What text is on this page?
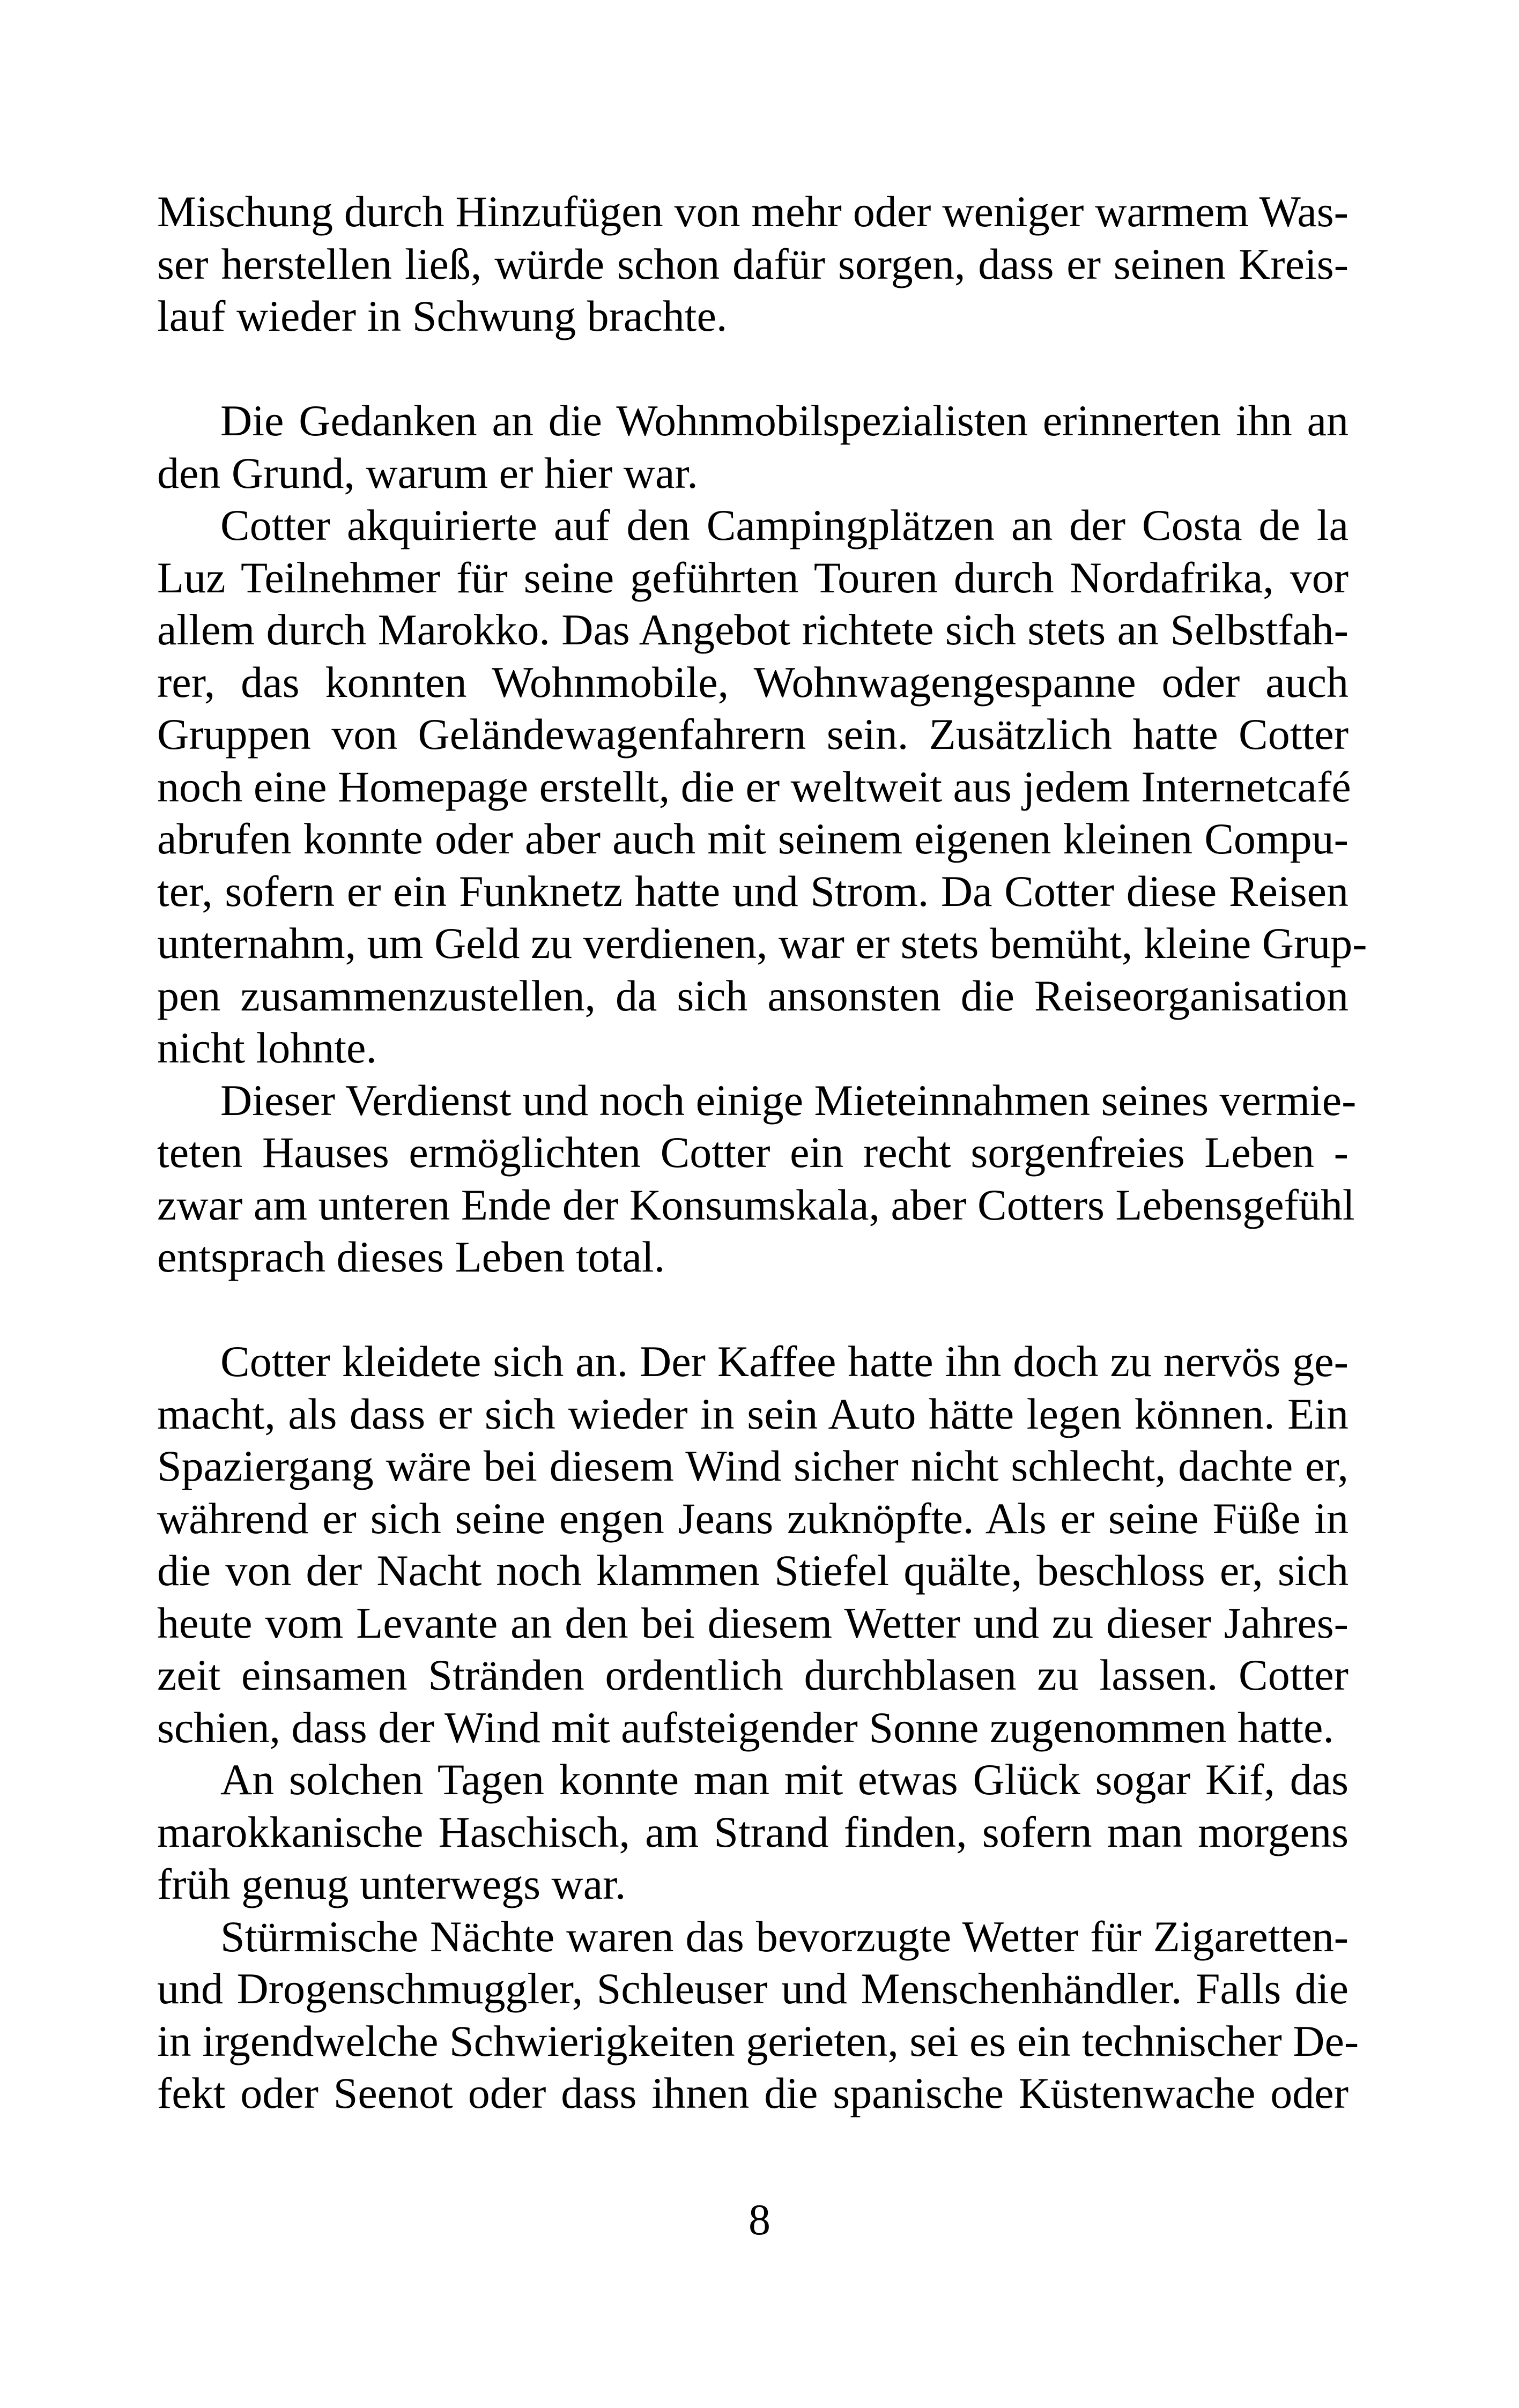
Mischung durch Hinzufügen von mehr oder weniger warmem Was-
ser herstellen ließ, würde schon dafür sorgen, dass er seinen Kreis-
lauf wieder in Schwung brachte.
Die Gedanken an die Wohnmobilspezialisten erinnerten ihn an
den Grund, warum er hier war.
Cotter akquirierte auf den Campingplätzen an der Costa de la
Luz Teilnehmer für seine geführten Touren durch Nordafrika, vor
allem durch Marokko. Das Angebot richtete sich stets an Selbstfah-
rer, das konnten Wohnmobile, Wohnwagengespanne oder auch
Gruppen von Geländewagenfahrern sein. Zusätzlich hatte Cotter
noch eine Homepage erstellt, die er weltweit aus jedem Internetcafé
abrufen konnte oder aber auch mit seinem eigenen kleinen Compu-
ter, sofern er ein Funknetz hatte und Strom. Da Cotter diese Reisen
unternahm, um Geld zu verdienen, war er stets bemüht, kleine Grup-
pen zusammenzustellen, da sich ansonsten die Reiseorganisation
nicht lohnte.
Dieser Verdienst und noch einige Mieteinnahmen seines vermie-
teten Hauses ermöglichten Cotter ein recht sorgenfreies Leben -
zwar am unteren Ende der Konsumskala, aber Cotters Lebensgefühl
entsprach dieses Leben total.
Cotter kleidete sich an. Der Kaffee hatte ihn doch zu nervös ge-
macht, als dass er sich wieder in sein Auto hätte legen können. Ein
Spaziergang wäre bei diesem Wind sicher nicht schlecht, dachte er,
während er sich seine engen Jeans zuknöpfte. Als er seine Füße in
die von der Nacht noch klammen Stiefel quälte, beschloss er, sich
heute vom Levante an den bei diesem Wetter und zu dieser Jahres-
zeit einsamen Stränden ordentlich durchblasen zu lassen. Cotter
schien, dass der Wind mit aufsteigender Sonne zugenommen hatte.
An solchen Tagen konnte man mit etwas Glück sogar Kif, das
marokkanische Haschisch, am Strand finden, sofern man morgens
früh genug unterwegs war.
Stürmische Nächte waren das bevorzugte Wetter für Zigaretten-
und Drogenschmuggler, Schleuser und Menschenhändler. Falls die
in irgendwelche Schwierigkeiten gerieten, sei es ein technischer De-
fekt oder Seenot oder dass ihnen die spanische Küstenwache oder
8
